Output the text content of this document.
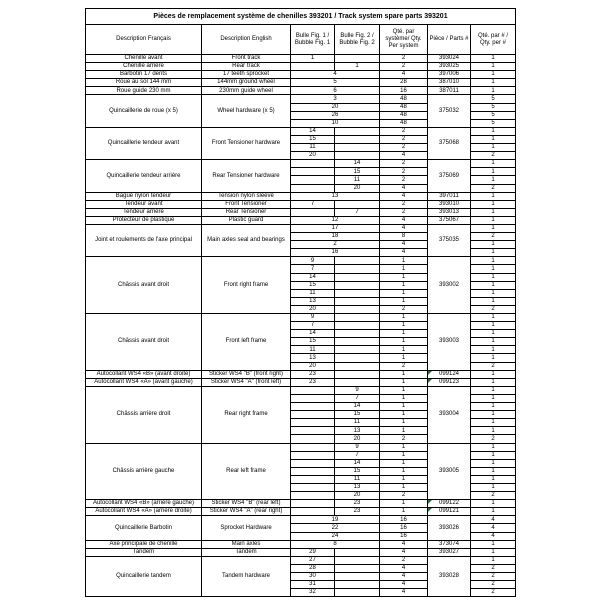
Pièces de remplacement système de chenilles 393201 / Track system spare parts 393201						
Description Français	Description English	Bulle Fig. 1 / Bubble Fig. 1	Bulle Fig. 2 / Bubble Fig. 2	Qté. par système/ Qty. Per system	Pièce / Parts #	Qté. par # / Qty. per #
Chenille avant	Front track	1		2	393024	1
Chenille arrière	Rear track		1	2	393025	1
Barbotin 17 dents	17 teeth sprocket	4		4	397006	1
Roue au sol 144 mm	144mm ground wheel	5		28	387010	1
Roue guide 230 mm	230mm guide wheel	6		16	387011	1
Quincaillerie de roue (x 5)	Wheel hardware (x 5)	3		48	375032	5
		20		48		5
		26		48		5
		10		48		5
Quincaillerie tendeur avant	Front Tensioner hardware	14		2	375068	1
		15		2		1
		11		2		1
		20		4		2
Quincaillerie tendeur arrière	Rear Tensioner hardware		14	2	375069	1
			15	2		1
			11	2		1
			20	4		2
Bague nylon tendeur	Tension nylon sleeve	13		4	397011	1
Tendeur avant	Front Tensioner	7		2	393010	1
Tendeur arrière	Rear Tensioner		7	2	393013	1
Protecteur de plastique	Plastic guard	12		4	375067	1
Joint et roulements de l'axe principal	Main axles seal and bearings	17		4	375035	1
		18		8		2
		2		4		1
		16		4		1
Châssis avant droit	Front right frame	9		1	393002	1
		7		1		1
		14		1		1
		15		1		1
		11		1		1
		13		1		1
		20		2		2
Châssis avant droit	Front left frame	9		1	393003	1
		7		1		1
		14		1		1
		15		1		1
		11		1		1
		13		1		1
		20		2		2
Autocollant WS4 «B» (avant droite)	Sticker WS4 "B" (front right)	23		1	099124	1
Autocollant WS4 «A» (avant gauche)	Sticker WS4 "A" (front left)	23		1	099123	1
Châssis arrière droit	Rear right frame		9	1	393004	1
			7	1		1
			14	1		1
			15	1		1
			11	1		1
			13	1		1
			20	2		2
Châssis arrière gauche	Rear left frame		9	1	393005	1
			7	1		1
			14	1		1
			15	1		1
			11	1		1
			13	1		1
			20	2		2
Autocollant WS4 «B» (arrière gauche)	Sticker WS4 "B" (rear left)		23	1	099122	1
Autocollant WS4 «A» (arrière droite)	Sticker WS4 "A" (rear right)		23	1	099121	1
Quincaillerie Barbotin	Sprocket Hardware	19		16	393026	4
		22		16		4
		24		16		4
Axe principale de chenille	Main axles	8		4	373074	1
Tandem	Tandem	29		4	393027	1
Quincaillerie tandem	Tandem hardware	27		2	393028	1
		28		4		2
		30		4		2
		31		4		2
		32		4		2
